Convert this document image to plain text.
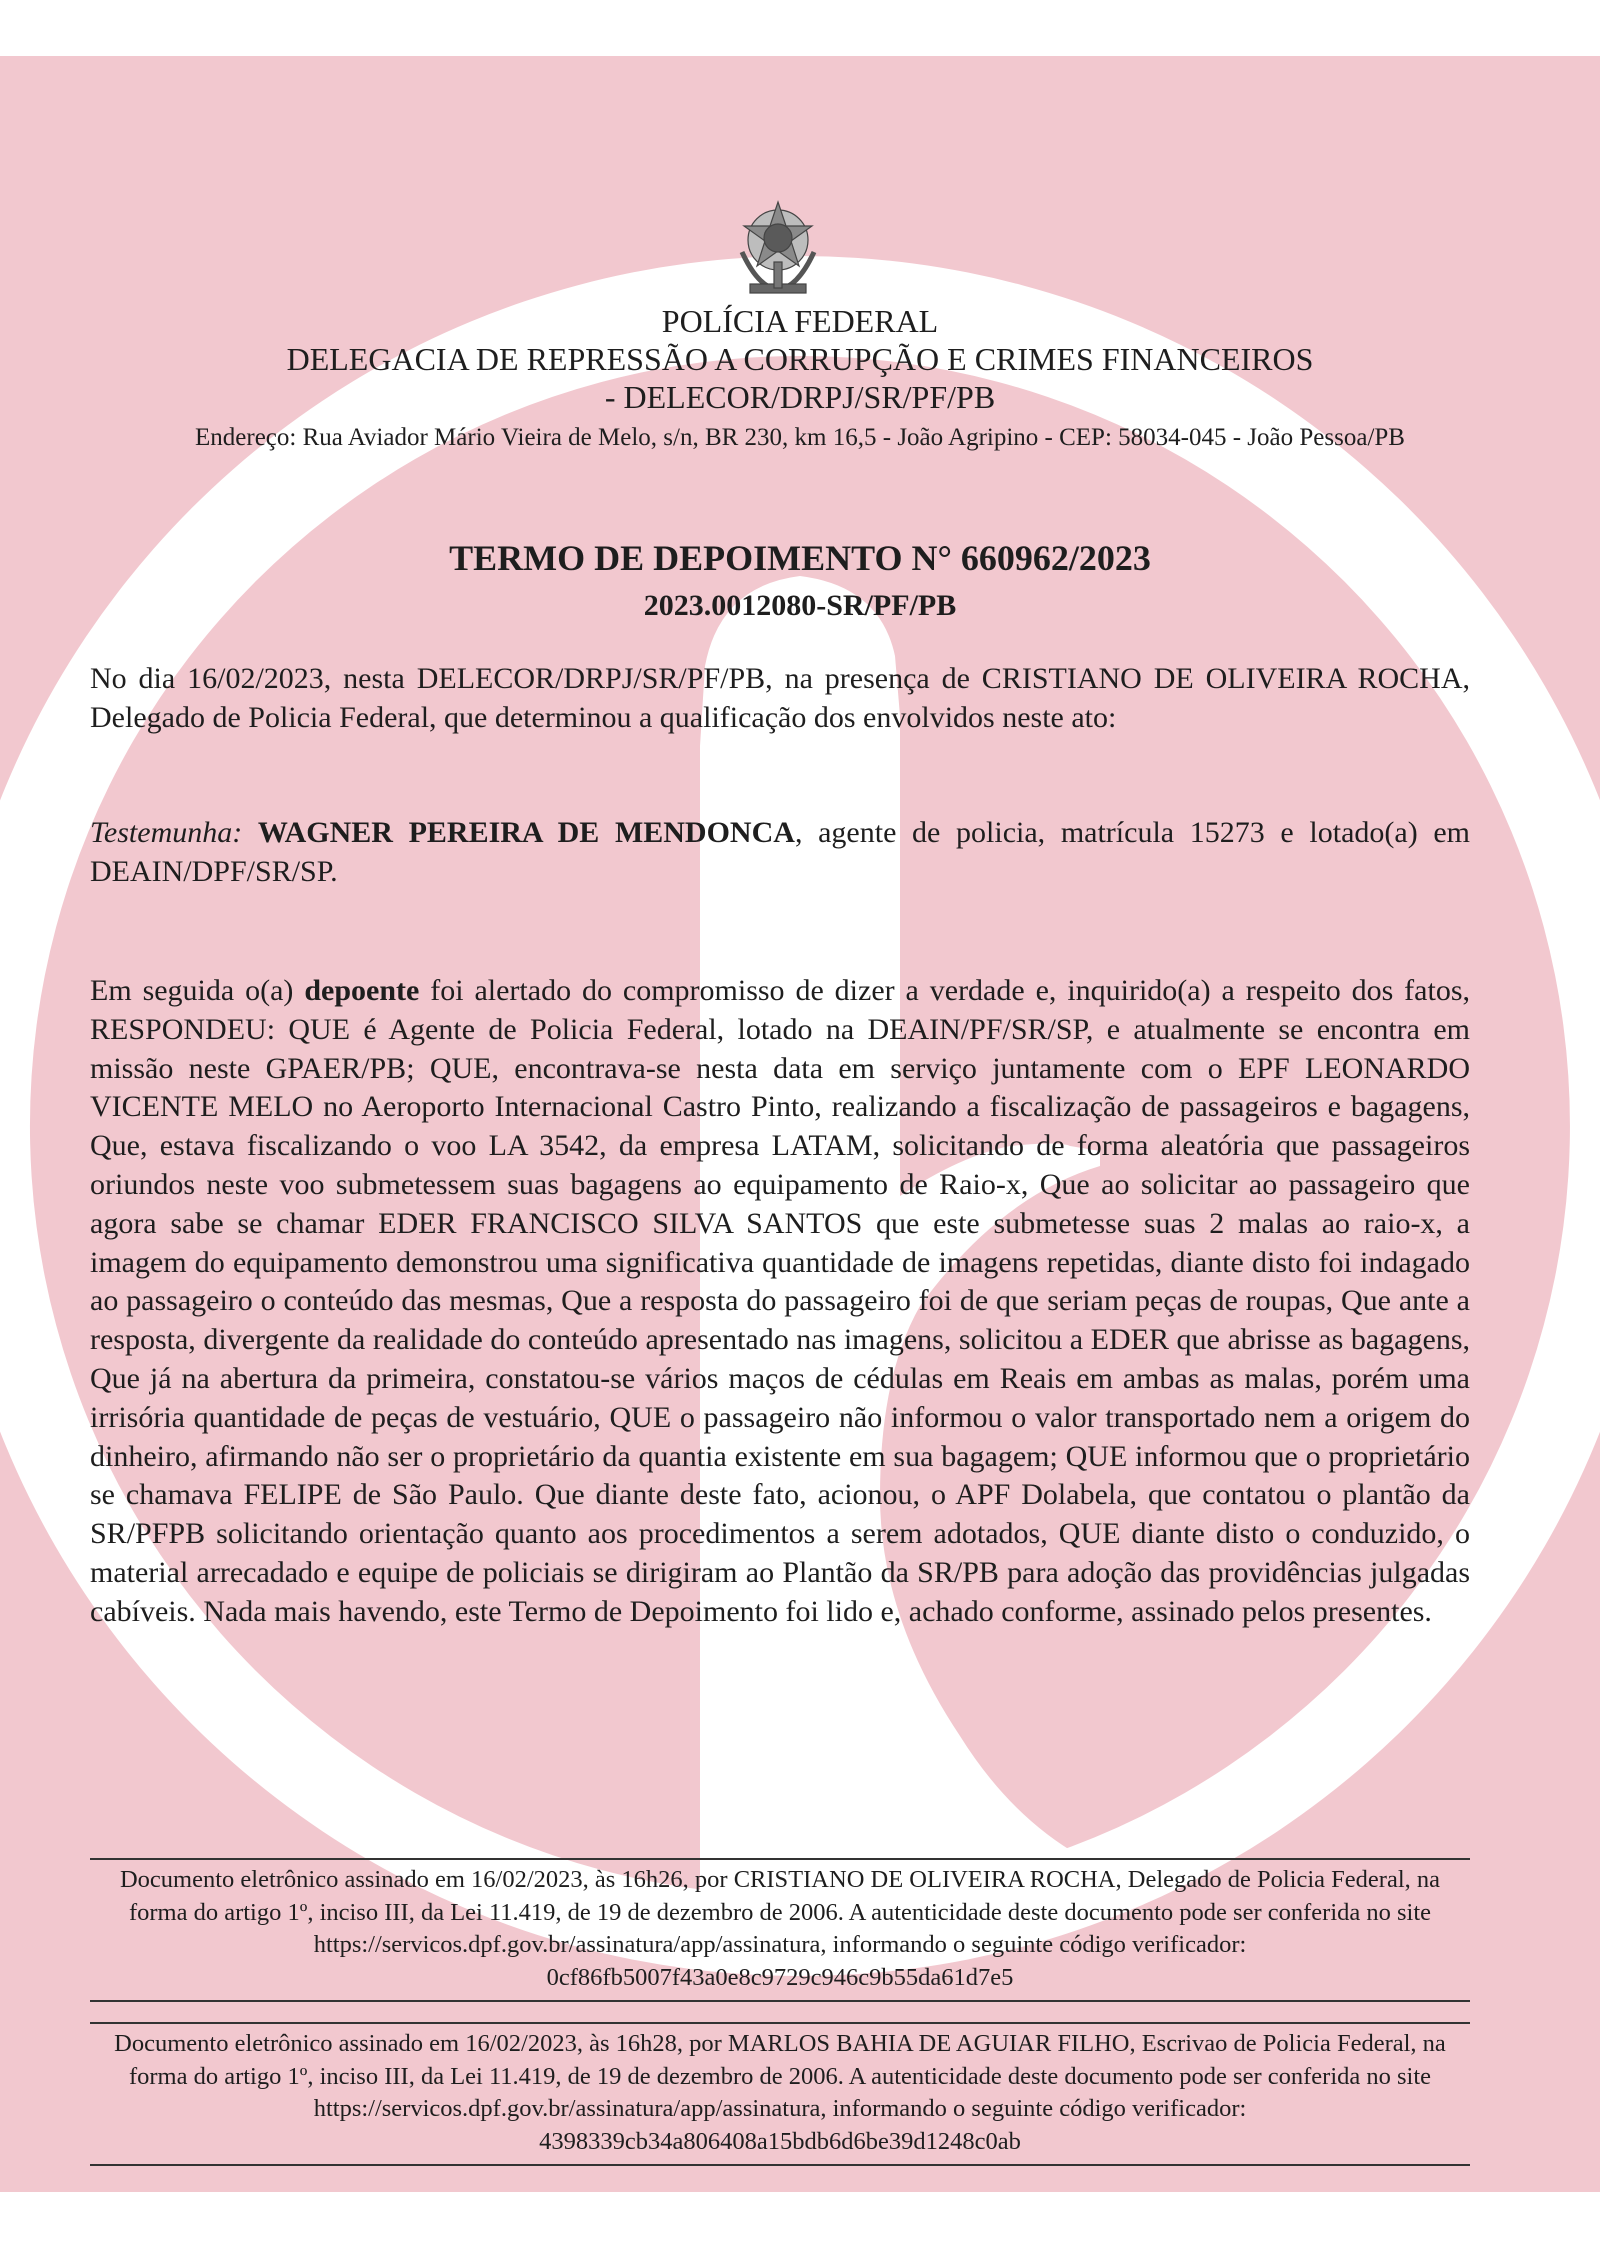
POLÍCIA FEDERAL
DELEGACIA DE REPRESSÃO A CORRUPÇÃO E CRIMES FINANCEIROS
- DELECOR/DRPJ/SR/PF/PB
Endereço: Rua Aviador Mário Vieira de Melo, s/n, BR 230, km 16,5 - João Agripino - CEP: 58034-045 - João Pessoa/PB
TERMO DE DEPOIMENTO N° 660962/2023
2023.0012080-SR/PF/PB
No dia 16/02/2023, nesta DELECOR/DRPJ/SR/PF/PB, na presença de CRISTIANO DE OLIVEIRA ROCHA, Delegado de Policia Federal, que determinou a qualificação dos envolvidos neste ato:
Testemunha: WAGNER PEREIRA DE MENDONCA, agente de policia, matrícula 15273 e lotado(a) em DEAIN/DPF/SR/SP.
Em seguida o(a) depoente foi alertado do compromisso de dizer a verdade e, inquirido(a) a respeito dos fatos, RESPONDEU: QUE é Agente de Policia Federal, lotado na DEAIN/PF/SR/SP, e atualmente se encontra em missão neste GPAER/PB; QUE, encontrava-se nesta data em serviço juntamente com o EPF LEONARDO VICENTE MELO no Aeroporto Internacional Castro Pinto, realizando a fiscalização de passageiros e bagagens, Que, estava fiscalizando o voo LA 3542, da empresa LATAM, solicitando de forma aleatória que passageiros oriundos neste voo submetessem suas bagagens ao equipamento de Raio-x, Que ao solicitar ao passageiro que agora sabe se chamar EDER FRANCISCO SILVA SANTOS que este submetesse suas 2 malas ao raio-x, a imagem do equipamento demonstrou uma significativa quantidade de imagens repetidas, diante disto foi indagado ao passageiro o conteúdo das mesmas, Que a resposta do passageiro foi de que seriam peças de roupas, Que ante a resposta, divergente da realidade do conteúdo apresentado nas imagens, solicitou a EDER que abrisse as bagagens, Que já na abertura da primeira, constatou-se vários maços de cédulas em Reais em ambas as malas, porém uma irrisória quantidade de peças de vestuário, QUE o passageiro não informou o valor transportado nem a origem do dinheiro, afirmando não ser o proprietário da quantia existente em sua bagagem; QUE informou que o proprietário se chamava FELIPE de São Paulo. Que diante deste fato, acionou, o APF Dolabela, que contatou o plantão da SR/PFPB solicitando orientação quanto aos procedimentos a serem adotados, QUE diante disto o conduzido, o material arrecadado e equipe de policiais se dirigiram ao Plantão da SR/PB para adoção das providências julgadas cabíveis. Nada mais havendo, este Termo de Depoimento foi lido e, achado conforme, assinado pelos presentes.
Documento eletrônico assinado em 16/02/2023, às 16h26, por CRISTIANO DE OLIVEIRA ROCHA, Delegado de Policia Federal, na forma do artigo 1º, inciso III, da Lei 11.419, de 19 de dezembro de 2006. A autenticidade deste documento pode ser conferida no site https://servicos.dpf.gov.br/assinatura/app/assinatura, informando o seguinte código verificador: 0cf86fb5007f43a0e8c9729c946c9b55da61d7e5
Documento eletrônico assinado em 16/02/2023, às 16h28, por MARLOS BAHIA DE AGUIAR FILHO, Escrivao de Policia Federal, na forma do artigo 1º, inciso III, da Lei 11.419, de 19 de dezembro de 2006. A autenticidade deste documento pode ser conferida no site https://servicos.dpf.gov.br/assinatura/app/assinatura, informando o seguinte código verificador: 4398339cb34a806408a15bdb6d6be39d1248c0ab
